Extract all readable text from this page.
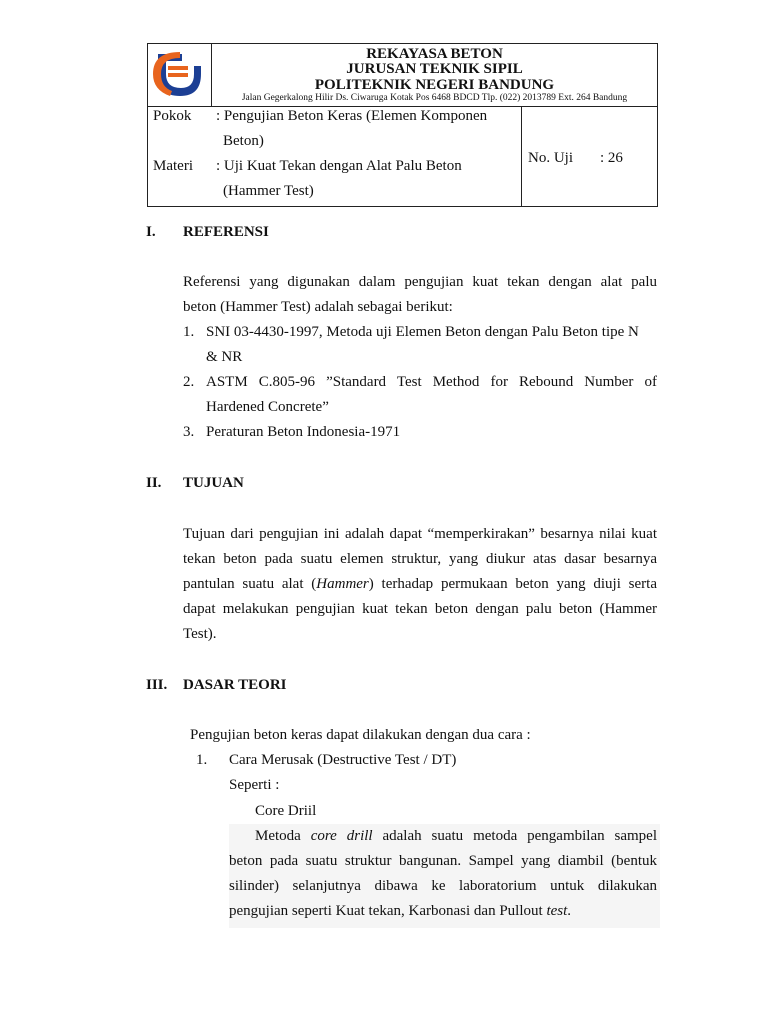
REKAYASA BETON
JURUSAN TEKNIK SIPIL
POLITEKNIK NEGERI BANDUNG
Jalan Gegerkalong Hilir Ds. Ciwaruga Kotak Pos 6468 BDCD Tlp. (022) 2013789 Ext. 264 Bandung
Pokok : Pengujian Beton Keras (Elemen Komponen
Beton)
Materi : Uji Kuat Tekan dengan Alat Palu Beton
(Hammer Test)
No. Uji : 26
I. REFERENSI
Referensi yang digunakan dalam pengujian kuat tekan dengan alat palu
beton (Hammer Test) adalah sebagai berikut:
1. SNI 03-4430-1997, Metoda uji Elemen Beton dengan Palu Beton tipe N
& NR
2. ASTM C.805-96 ”Standard Test Method for Rebound Number of
Hardened Concrete”
3. Peraturan Beton Indonesia-1971
II. TUJUAN
Tujuan dari pengujian ini adalah dapat “memperkirakan” besarnya nilai kuat
tekan beton pada suatu elemen struktur, yang diukur atas dasar besarnya
pantulan suatu alat (Hammer) terhadap permukaan beton yang diuji serta
dapat melakukan pengujian kuat tekan beton dengan palu beton (Hammer
Test).
III. DASAR TEORI
Pengujian beton keras dapat dilakukan dengan dua cara :
1. Cara Merusak (Destructive Test / DT)
Seperti :
Core Driil
Metoda core drill adalah suatu metoda pengambilan sampel
beton pada suatu struktur bangunan. Sampel yang diambil (bentuk
silinder) selanjutnya dibawa ke laboratorium untuk dilakukan
pengujian seperti Kuat tekan, Karbonasi dan Pullout test.
